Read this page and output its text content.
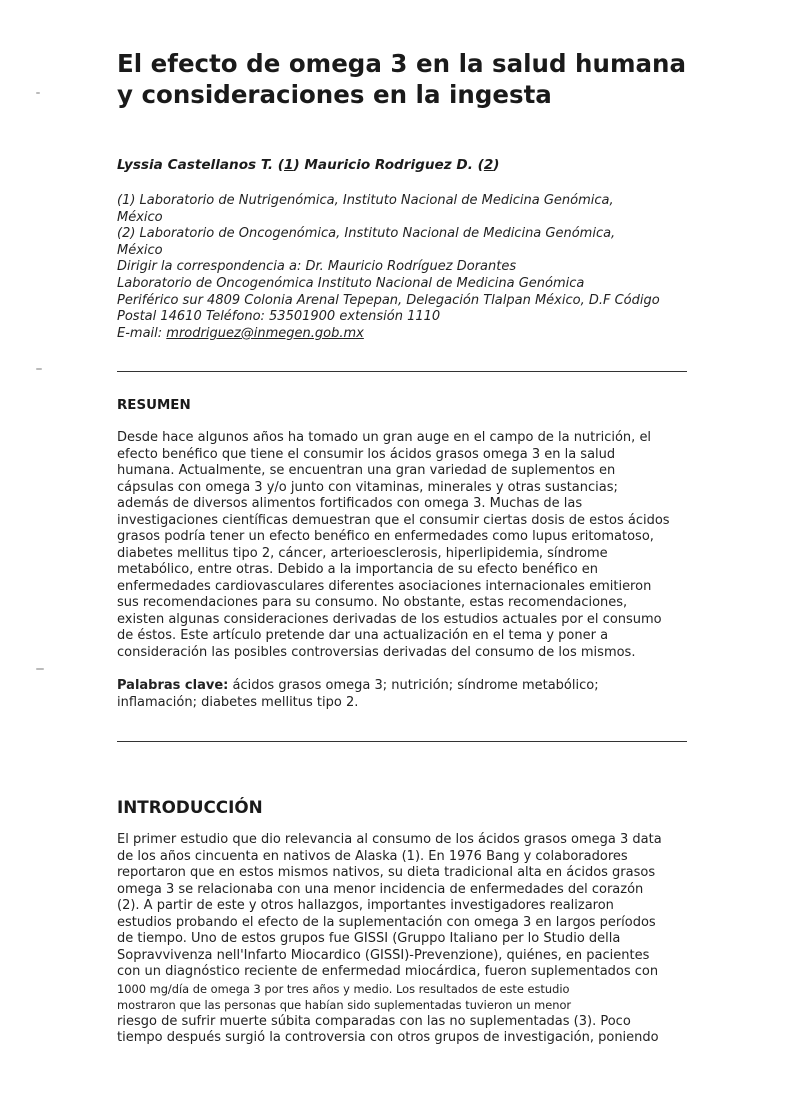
El efecto de omega 3 en la salud humana
y consideraciones en la ingesta
Lyssia Castellanos T. (1) Mauricio Rodriguez D. (2)
(1) Laboratorio de Nutrigenómica, Instituto Nacional de Medicina Genómica,
México
(2) Laboratorio de Oncogenómica, Instituto Nacional de Medicina Genómica,
México
Dirigir la correspondencia a: Dr. Mauricio Rodríguez Dorantes
Laboratorio de Oncogenómica Instituto Nacional de Medicina Genómica
Periférico sur 4809 Colonia Arenal Tepepan, Delegación Tlalpan México, D.F Código
Postal 14610 Teléfono: 53501900 extensión 1110
E-mail: mrodriguez@inmegen.gob.mx
RESUMEN
Desde hace algunos años ha tomado un gran auge en el campo de la nutrición, el
efecto benéfico que tiene el consumir los ácidos grasos omega 3 en la salud
humana. Actualmente, se encuentran una gran variedad de suplementos en
cápsulas con omega 3 y/o junto con vitaminas, minerales y otras sustancias;
además de diversos alimentos fortificados con omega 3. Muchas de las
investigaciones científicas demuestran que el consumir ciertas dosis de estos ácidos
grasos podría tener un efecto benéfico en enfermedades como lupus eritomatoso,
diabetes mellitus tipo 2, cáncer, arterioesclerosis, hiperlipidemia, síndrome
metabólico, entre otras. Debido a la importancia de su efecto benéfico en
enfermedades cardiovasculares diferentes asociaciones internacionales emitieron
sus recomendaciones para su consumo. No obstante, estas recomendaciones,
existen algunas consideraciones derivadas de los estudios actuales por el consumo
de éstos. Este artículo pretende dar una actualización en el tema y poner a
consideración las posibles controversias derivadas del consumo de los mismos.
Palabras clave: ácidos grasos omega 3; nutrición; síndrome metabólico;
inflamación; diabetes mellitus tipo 2.
INTRODUCCIÓN
El primer estudio que dio relevancia al consumo de los ácidos grasos omega 3 data
de los años cincuenta en nativos de Alaska (1). En 1976 Bang y colaboradores
reportaron que en estos mismos nativos, su dieta tradicional alta en ácidos grasos
omega 3 se relacionaba con una menor incidencia de enfermedades del corazón
(2). A partir de este y otros hallazgos, importantes investigadores realizaron
estudios probando el efecto de la suplementación con omega 3 en largos períodos
de tiempo. Uno de estos grupos fue GISSI (Gruppo Italiano per lo Studio della
Sopravvivenza nell'Infarto Miocardico (GISSI)-Prevenzione), quiénes, en pacientes
con un diagnóstico reciente de enfermedad miocárdica, fueron suplementados con
1000 mg/día de omega 3 por tres años y medio. Los resultados de este estudio
mostraron que las personas que habían sido suplementadas tuvieron un menor
riesgo de sufrir muerte súbita comparadas con las no suplementadas (3). Poco
tiempo después surgió la controversia con otros grupos de investigación, poniendo
